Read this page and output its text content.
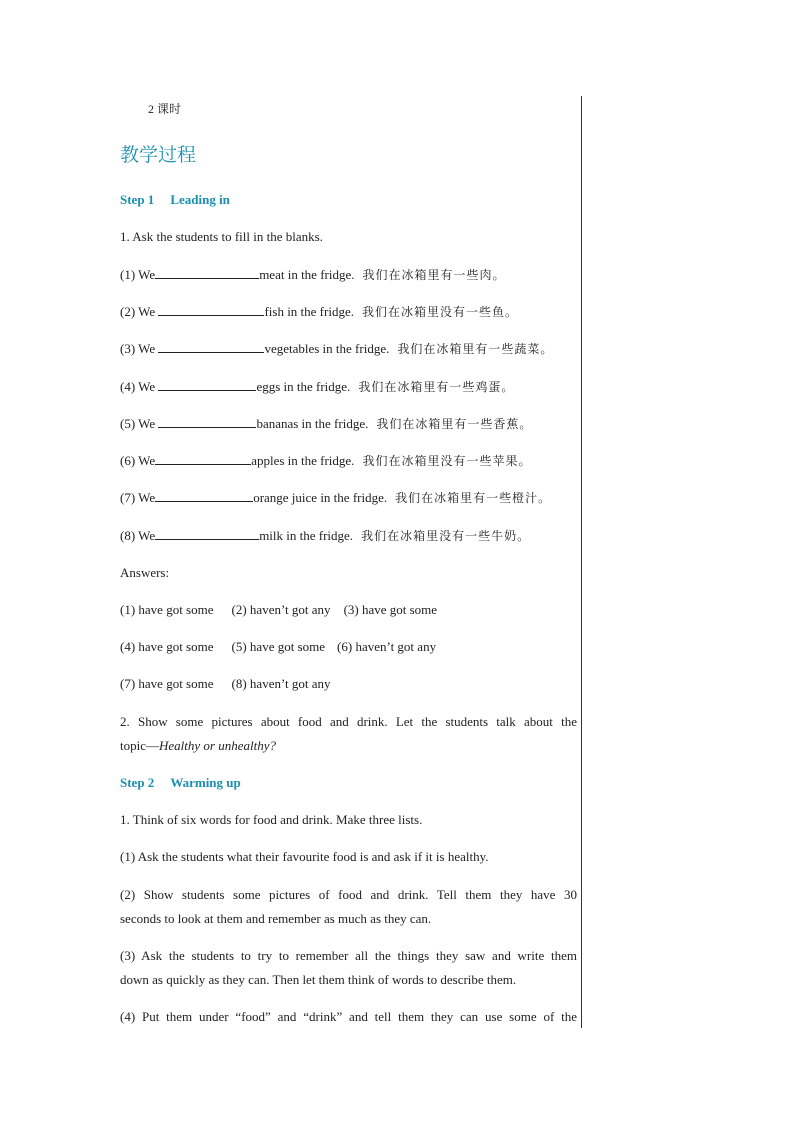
2 课时
教学过程
Step 1 Leading in
1. Ask the students to fill in the blanks.
(1) We	meat in the fridge. 我们在冰箱里有一些肉。
(2) We	fish in the fridge. 我们在冰箱里没有一些鱼。
(3) We	vegetables in the fridge. 我们在冰箱里有一些蔬菜。
(4) We	eggs in the fridge. 我们在冰箱里有一些鸡蛋。
(5) We	bananas in the fridge. 我们在冰箱里有一些香蕉。
(6) We	apples in the fridge. 我们在冰箱里没有一些苹果。
(7) We	orange juice in the fridge. 我们在冰箱里有一些橙汁。
(8) We	milk in the fridge. 我们在冰箱里没有一些牛奶。
Answers:
(1) have got some (2) haven’t got any (3) have got some
(4) have got some (5) have got some (6) haven’t got any
(7) have got some (8) haven’t got any
2. Show some pictures about food and drink. Let the students talk about the
topic—Healthy or unhealthy?
Step 2 Warming up
1. Think of six words for food and drink. Make three lists.
(1) Ask the students what their favourite food is and ask if it is healthy.
(2) Show students some pictures of food and drink. Tell them they have 30
seconds to look at them and remember as much as they can.
(3) Ask the students to try to remember all the things they saw and write them
down as quickly as they can. Then let them think of words to describe them.
(4) Put them under “food” and “drink” and tell them they can use some of the
